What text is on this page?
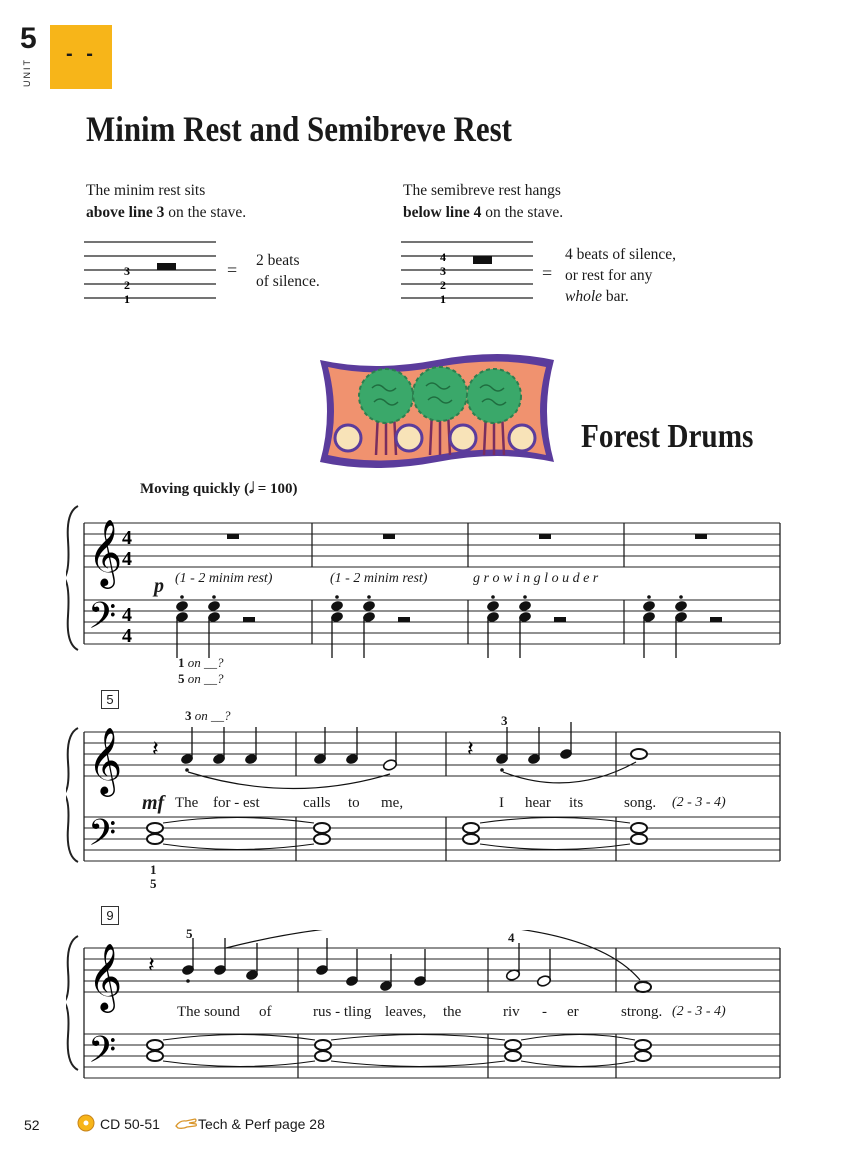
5
UNIT
- -
Minim Rest and Semibreve Rest
The minim rest sits
above line 3 on the stave.
3
2
1
= 2 beats
of silence.
The semibreve rest hangs
below line 4 on the stave.
4
3
2
1
=
4 beats of silence,
or rest for any
whole bar.
Forest Drums
Moving quickly (𝅗𝅥 = 100)
𝄞
𝄢
4
4
4
4
p (1 - 2 minim rest)	(1 - 2 minim rest)	g r o w i n g l o u d e r
1 on __?
5 on __?
5
3 on __?	3
𝄞
𝄢
𝄽	𝄽
mf The for - est	calls to me,	I hear its	song. (2 - 3 - 4)
1
5
9
5	4
𝄞
𝄢
𝄽
The sound of	rus - tling leaves, the	riv - er	strong. (2 - 3 - 4)
52	CD 50-51	Tech & Perf page 28
